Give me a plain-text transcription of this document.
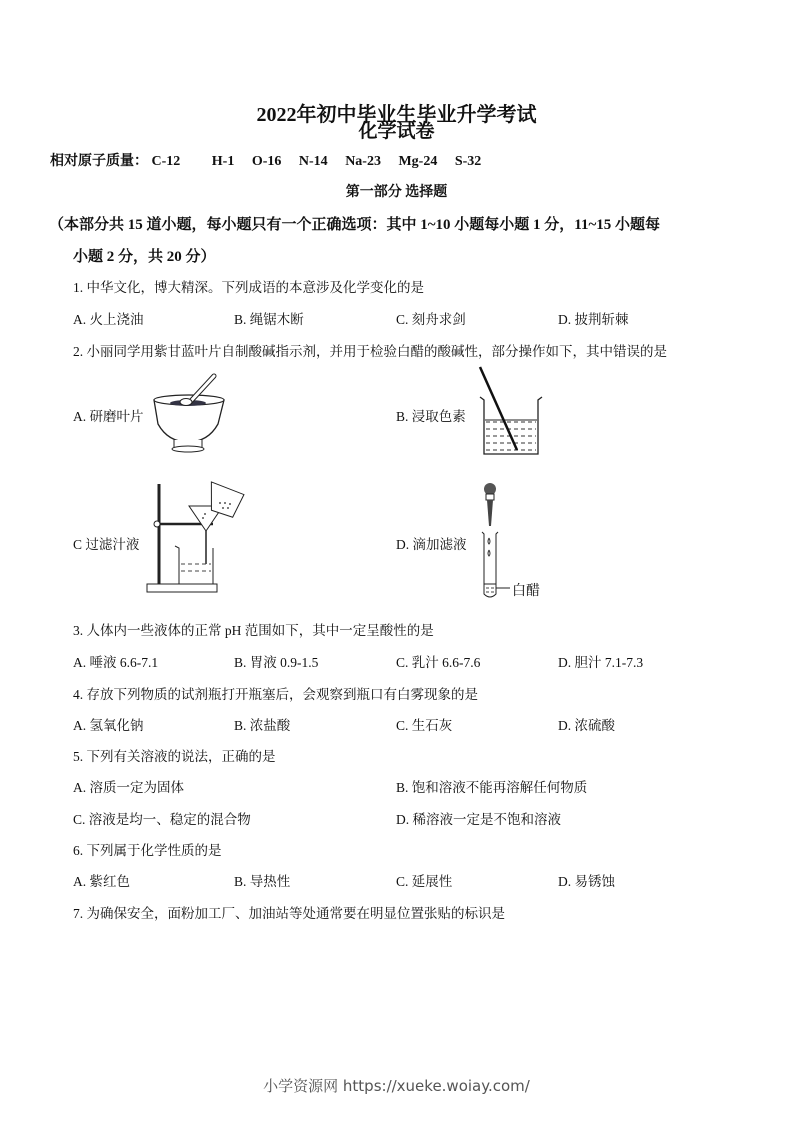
2022年初中毕业生毕业升学考试
化学试卷
相对原子质量： C-12 H-1 O-16 N-14 Na-23 Mg-24 S-32
第一部分 选择题
（本部分共 15 道小题，每小题只有一个正确选项：其中 1~10 小题每小题 1 分，11~15 小题每
小题 2 分，共 20 分）
1. 中华文化，博大精深。下列成语的本意涉及化学变化的是
A. 火上浇油	B. 绳锯木断	C. 刻舟求剑	D. 披荆斩棘
2. 小丽同学用紫甘蓝叶片自制酸碱指示剂，并用于检验白醋的酸碱性，部分操作如下，其中错误的是
A. 研磨叶片	B. 浸取色素
C 过滤汁液	D. 滴加滤液
白醋
3. 人体内一些液体的正常 pH 范围如下，其中一定呈酸性的是
A. 唾液 6.6-7.1	B. 胃液 0.9-1.5	C. 乳汁 6.6-7.6	D. 胆汁 7.1-7.3
4. 存放下列物质的试剂瓶打开瓶塞后，会观察到瓶口有白雾现象的是
A. 氢氧化钠	B. 浓盐酸	C. 生石灰	D. 浓硫酸
5. 下列有关溶液的说法，正确的是
A. 溶质一定为固体	B. 饱和溶液不能再溶解任何物质
C. 溶液是均一、稳定的混合物	D. 稀溶液一定是不饱和溶液
6. 下列属于化学性质的是
A. 紫红色	B. 导热性	C. 延展性	D. 易锈蚀
7. 为确保安全，面粉加工厂、加油站等处通常要在明显位置张贴的标识是
小学资源网 https://xueke.woiay.com/
